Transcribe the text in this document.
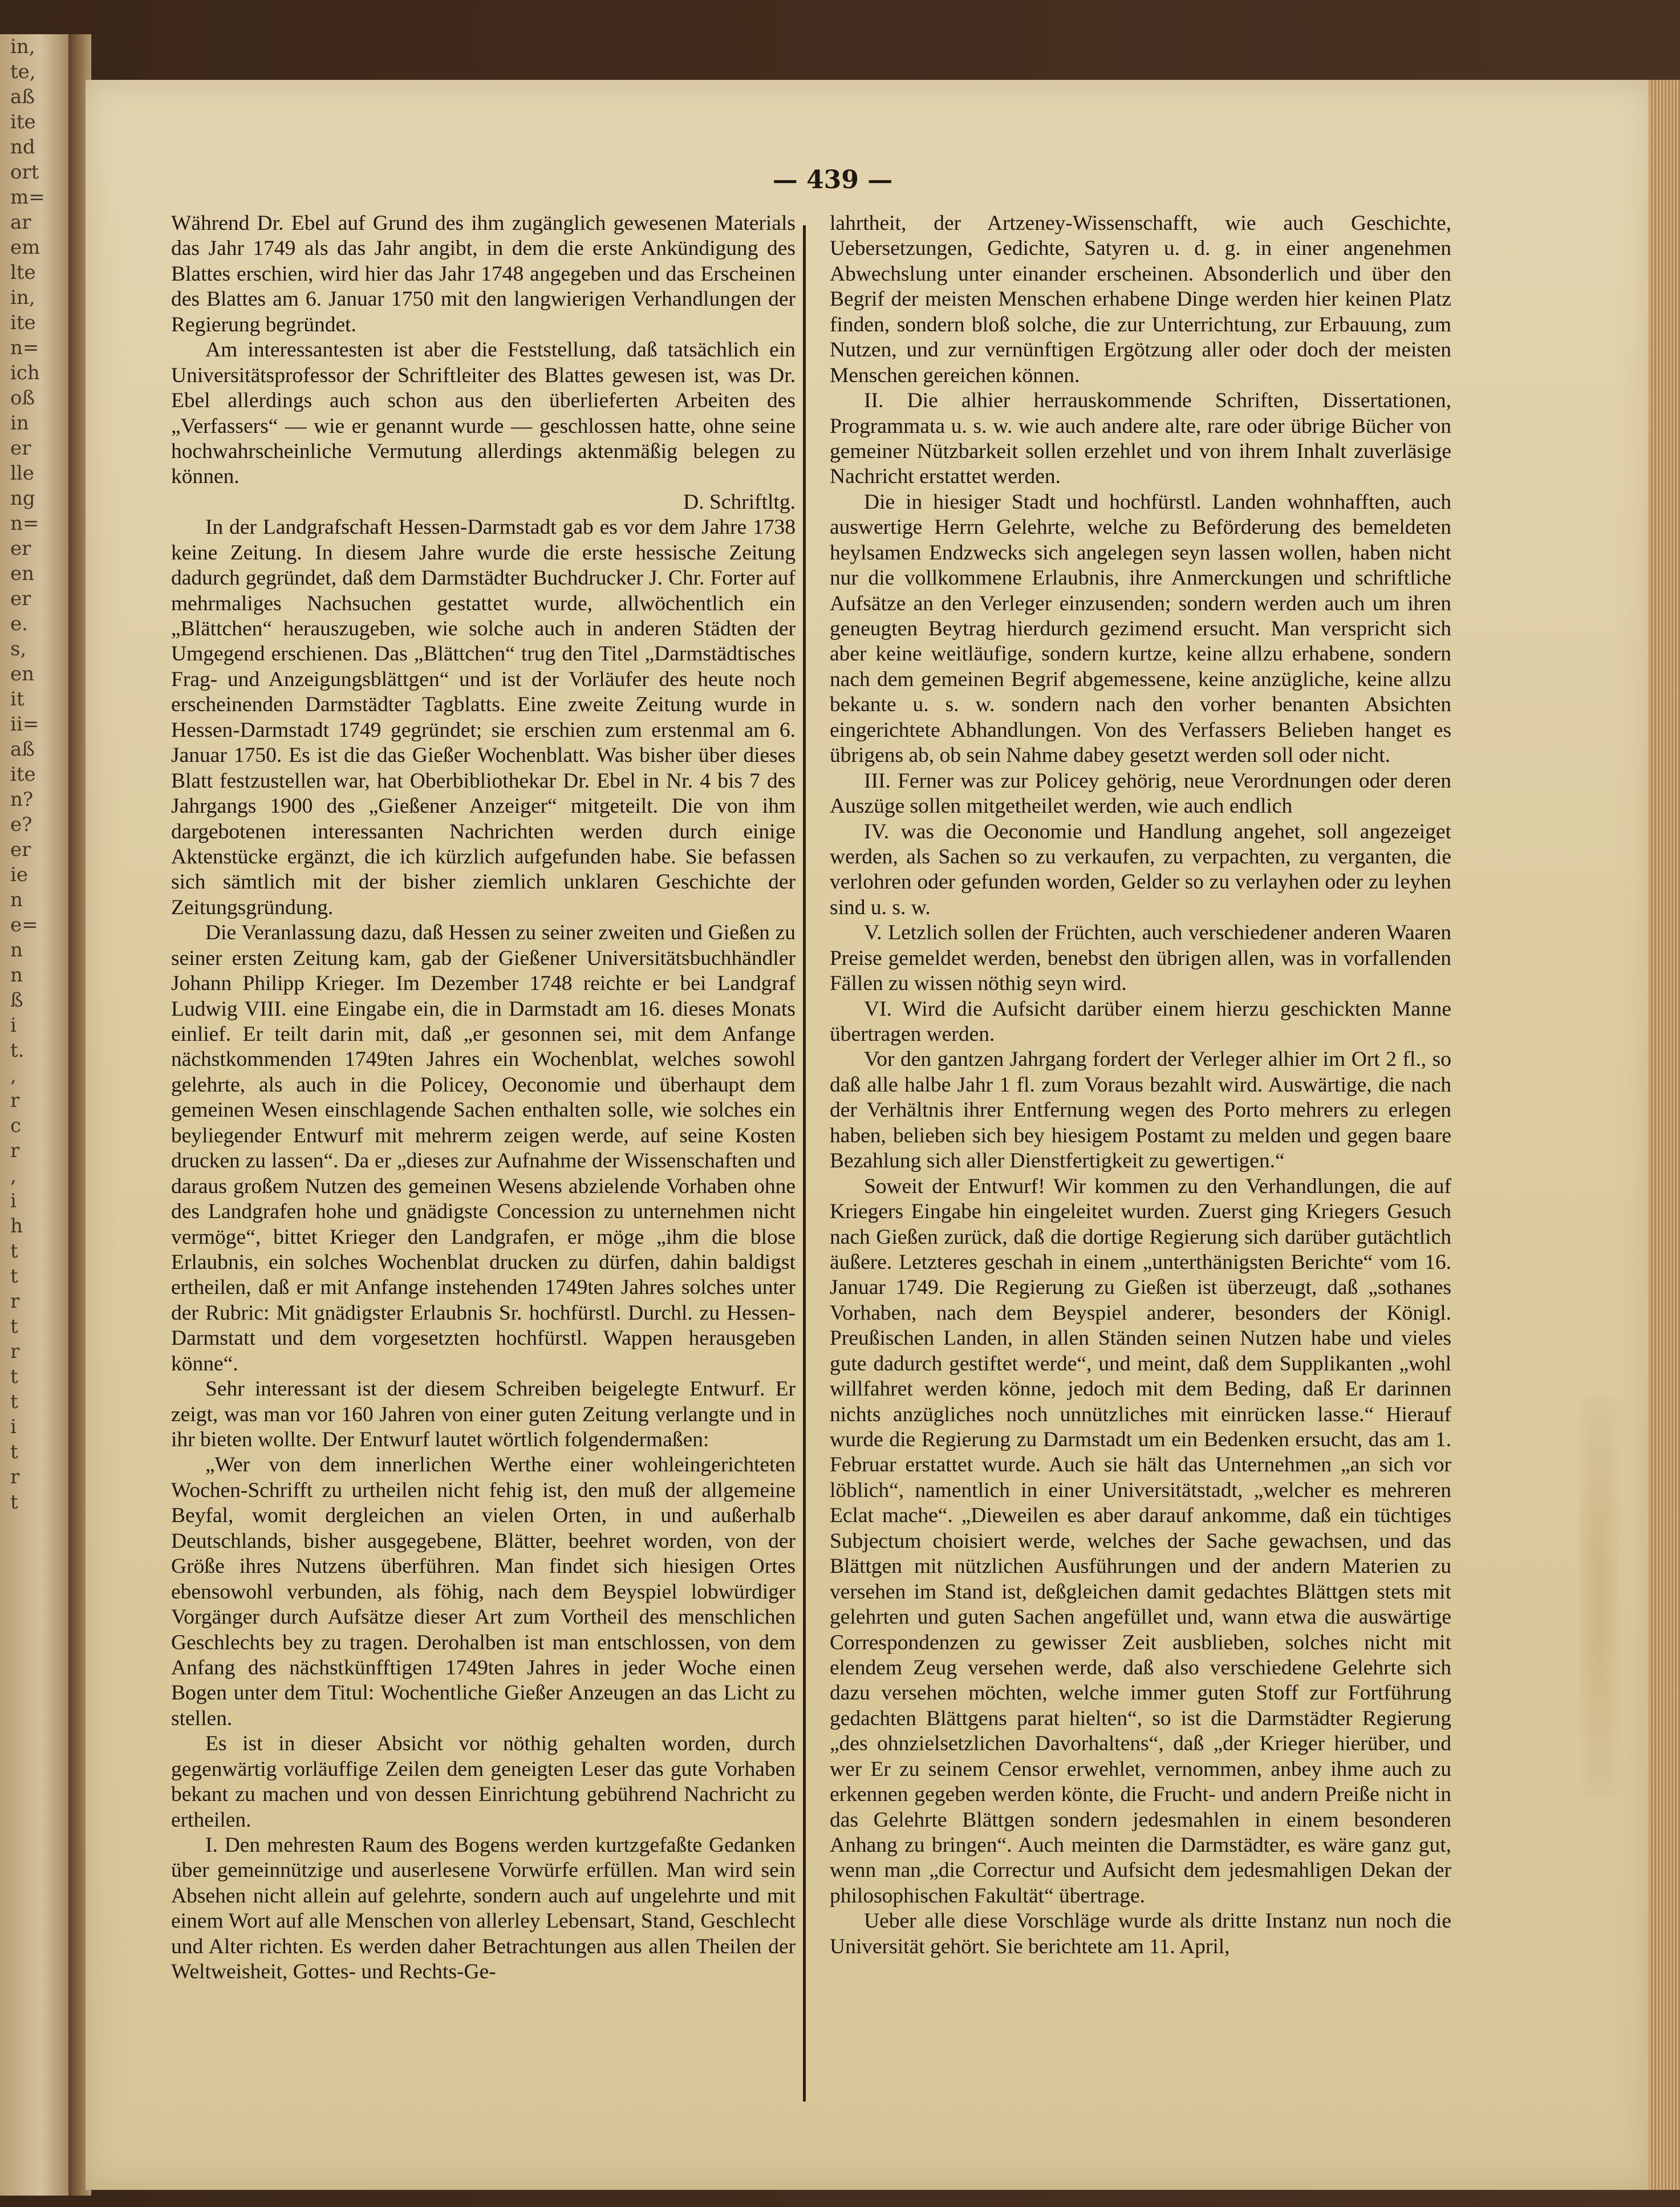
in,
te,
aß
ite
nd
ort
m=
ar
em
lte
in,
ite
n=
ich
oß
in
er
lle
ng
n=
er
en
er
e.
s,
en
it
ii=
aß
ite
n?
e?
er
ie
n
e=
n
n
ß
i
t.
,
r
c
r
,
i
h
t
t
r
t
r
t
t
i
t
r
t
— 439 —

Während Dr. Ebel auf Grund des ihm zugänglich gewesenen Materials das Jahr 1749 als das Jahr angibt, in dem die erste Ankündigung des Blattes erschien, wird hier das Jahr 1748 angegeben und das Erscheinen des Blattes am 6. Januar 1750 mit den langwierigen Verhandlungen der Regierung begründet.

Am interessantesten ist aber die Feststellung, daß tatsächlich ein Universitätsprofessor der Schriftleiter des Blattes gewesen ist, was Dr. Ebel allerdings auch schon aus den überlieferten Arbeiten des „Verfassers“ — wie er genannt wurde — geschlossen hatte, ohne seine hochwahrscheinliche Vermutung allerdings aktenmäßig belegen zu können.

D. Schriftltg.

In der Landgrafschaft Hessen-Darmstadt gab es vor dem Jahre 1738 keine Zeitung. In diesem Jahre wurde die erste hessische Zeitung dadurch gegründet, daß dem Darmstädter Buchdrucker J. Chr. Forter auf mehrmaliges Nachsuchen gestattet wurde, allwöchentlich ein „Blättchen“ herauszugeben, wie solche auch in anderen Städten der Umgegend erschienen. Das „Blättchen“ trug den Titel „Darmstädtisches Frag- und Anzeigungsblättgen“ und ist der Vorläufer des heute noch erscheinenden Darmstädter Tagblatts. Eine zweite Zeitung wurde in Hessen-Darmstadt 1749 gegründet; sie erschien zum erstenmal am 6. Januar 1750. Es ist die das Gießer Wochenblatt. Was bisher über dieses Blatt festzustellen war, hat Oberbibliothekar Dr. Ebel in Nr. 4 bis 7 des Jahrgangs 1900 des „Gießener Anzeiger“ mitgeteilt. Die von ihm dargebotenen interessanten Nachrichten werden durch einige Aktenstücke ergänzt, die ich kürzlich aufgefunden habe. Sie befassen sich sämtlich mit der bisher ziemlich unklaren Geschichte der Zeitungsgründung.

Die Veranlassung dazu, daß Hessen zu seiner zweiten und Gießen zu seiner ersten Zeitung kam, gab der Gießener Universitätsbuchhändler Johann Philipp Krieger. Im Dezember 1748 reichte er bei Landgraf Ludwig VIII. eine Eingabe ein, die in Darmstadt am 16. dieses Monats einlief. Er teilt darin mit, daß „er gesonnen sei, mit dem Anfange nächstkommenden 1749ten Jahres ein Wochenblat, welches sowohl gelehrte, als auch in die Policey, Oeconomie und überhaupt dem gemeinen Wesen einschlagende Sachen enthalten solle, wie solches ein beyliegender Entwurf mit mehrerm zeigen werde, auf seine Kosten drucken zu lassen“. Da er „dieses zur Aufnahme der Wissenschaften und daraus großem Nutzen des gemeinen Wesens abzielende Vorhaben ohne des Landgrafen hohe und gnädigste Concession zu unternehmen nicht vermöge“, bittet Krieger den Landgrafen, er möge „ihm die blose Erlaubnis, ein solches Wochenblat drucken zu dürfen, dahin baldigst ertheilen, daß er mit Anfange instehenden 1749ten Jahres solches unter der Rubric: Mit gnädigster Erlaubnis Sr. hochfürstl. Durchl. zu Hessen-Darmstatt und dem vorgesetzten hochfürstl. Wappen herausgeben könne“.

Sehr interessant ist der diesem Schreiben beigelegte Entwurf. Er zeigt, was man vor 160 Jahren von einer guten Zeitung verlangte und in ihr bieten wollte. Der Entwurf lautet wörtlich folgendermaßen:

„Wer von dem innerlichen Werthe einer wohleingerichteten Wochen-Schrifft zu urtheilen nicht fehig ist, den muß der allgemeine Beyfal, womit dergleichen an vielen Orten, in und außerhalb Deutschlands, bisher ausgegebene, Blätter, beehret worden, von der Größe ihres Nutzens überführen. Man findet sich hiesigen Ortes ebensowohl verbunden, als föhig, nach dem Beyspiel lobwürdiger Vorgänger durch Aufsätze dieser Art zum Vortheil des menschlichen Geschlechts bey zu tragen. Derohalben ist man entschlossen, von dem Anfang des nächstkünfftigen 1749ten Jahres in jeder Woche einen Bogen unter dem Titul: Wochentliche Gießer Anzeugen an das Licht zu stellen.

Es ist in dieser Absicht vor nöthig gehalten worden, durch gegenwärtig vorläuffige Zeilen dem geneigten Leser das gute Vorhaben bekant zu machen und von dessen Einrichtung gebührend Nachricht zu ertheilen.

I. Den mehresten Raum des Bogens werden kurtzgefaßte Gedanken über gemeinnützige und auserlesene Vorwürfe erfüllen. Man wird sein Absehen nicht allein auf gelehrte, sondern auch auf ungelehrte und mit einem Wort auf alle Menschen von allerley Lebensart, Stand, Geschlecht und Alter richten. Es werden daher Betrachtungen aus allen Theilen der Weltweisheit, Gottes- und Rechts-Ge-

lahrtheit, der Artzeney-Wissenschafft, wie auch Geschichte, Uebersetzungen, Gedichte, Satyren u. d. g. in einer angenehmen Abwechslung unter einander erscheinen. Absonderlich und über den Begrif der meisten Menschen erhabene Dinge werden hier keinen Platz finden, sondern bloß solche, die zur Unterrichtung, zur Erbauung, zum Nutzen, und zur vernünftigen Ergötzung aller oder doch der meisten Menschen gereichen können.

II. Die alhier herrauskommende Schriften, Dissertationen, Programmata u. s. w. wie auch andere alte, rare oder übrige Bücher von gemeiner Nützbarkeit sollen erzehlet und von ihrem Inhalt zuverläsige Nachricht erstattet werden.

Die in hiesiger Stadt und hochfürstl. Landen wohnhafften, auch auswertige Herrn Gelehrte, welche zu Beförderung des bemeldeten heylsamen Endzwecks sich angelegen seyn lassen wollen, haben nicht nur die vollkommene Erlaubnis, ihre Anmerckungen und schriftliche Aufsätze an den Verleger einzusenden; sondern werden auch um ihren geneugten Beytrag hierdurch gezimend ersucht. Man verspricht sich aber keine weitläufige, sondern kurtze, keine allzu erhabene, sondern nach dem gemeinen Begrif abgemessene, keine anzügliche, keine allzu bekante u. s. w. sondern nach den vorher benanten Absichten eingerichtete Abhandlungen. Von des Verfassers Belieben hanget es übrigens ab, ob sein Nahme dabey gesetzt werden soll oder nicht.

III. Ferner was zur Policey gehörig, neue Verordnungen oder deren Auszüge sollen mitgetheilet werden, wie auch endlich

IV. was die Oeconomie und Handlung angehet, soll angezeiget werden, als Sachen so zu verkaufen, zu verpachten, zu verganten, die verlohren oder gefunden worden, Gelder so zu verlayhen oder zu leyhen sind u. s. w.

V. Letzlich sollen der Früchten, auch verschiedener anderen Waaren Preise gemeldet werden, benebst den übrigen allen, was in vorfallenden Fällen zu wissen nöthig seyn wird.

VI. Wird die Aufsicht darüber einem hierzu geschickten Manne übertragen werden.

Vor den gantzen Jahrgang fordert der Verleger alhier im Ort 2 fl., so daß alle halbe Jahr 1 fl. zum Voraus bezahlt wird. Auswärtige, die nach der Verhältnis ihrer Entfernung wegen des Porto mehrers zu erlegen haben, belieben sich bey hiesigem Postamt zu melden und gegen baare Bezahlung sich aller Dienstfertigkeit zu gewertigen.“

Soweit der Entwurf! Wir kommen zu den Verhandlungen, die auf Kriegers Eingabe hin eingeleitet wurden. Zuerst ging Kriegers Gesuch nach Gießen zurück, daß die dortige Regierung sich darüber gutächtlich äußere. Letzteres geschah in einem „unterthänigsten Berichte“ vom 16. Januar 1749. Die Regierung zu Gießen ist überzeugt, daß „sothanes Vorhaben, nach dem Beyspiel anderer, besonders der Königl. Preußischen Landen, in allen Ständen seinen Nutzen habe und vieles gute dadurch gestiftet werde“, und meint, daß dem Supplikanten „wohl willfahret werden könne, jedoch mit dem Beding, daß Er darinnen nichts anzügliches noch unnützliches mit einrücken lasse.“ Hierauf wurde die Regierung zu Darmstadt um ein Bedenken ersucht, das am 1. Februar erstattet wurde. Auch sie hält das Unternehmen „an sich vor löblich“, namentlich in einer Universitätstadt, „welcher es mehreren Eclat mache“. „Dieweilen es aber darauf ankomme, daß ein tüchtiges Subjectum choisiert werde, welches der Sache gewachsen, und das Blättgen mit nützlichen Ausführungen und der andern Materien zu versehen im Stand ist, deßgleichen damit gedachtes Blättgen stets mit gelehrten und guten Sachen angefüllet und, wann etwa die auswärtige Correspondenzen zu gewisser Zeit ausblieben, solches nicht mit elendem Zeug versehen werde, daß also verschiedene Gelehrte sich dazu versehen möchten, welche immer guten Stoff zur Fortführung gedachten Blättgens parat hielten“, so ist die Darmstädter Regierung „des ohnzielsetzlichen Davorhaltens“, daß „der Krieger hierüber, und wer Er zu seinem Censor erwehlet, vernommen, anbey ihme auch zu erkennen gegeben werden könte, die Frucht- und andern Preiße nicht in das Gelehrte Blättgen sondern jedesmahlen in einem besonderen Anhang zu bringen“. Auch meinten die Darmstädter, es wäre ganz gut, wenn man „die Correctur und Aufsicht dem jedesmahligen Dekan der philosophischen Fakultät“ übertrage.

Ueber alle diese Vorschläge wurde als dritte Instanz nun noch die Universität gehört. Sie berichtete am 11. April,
